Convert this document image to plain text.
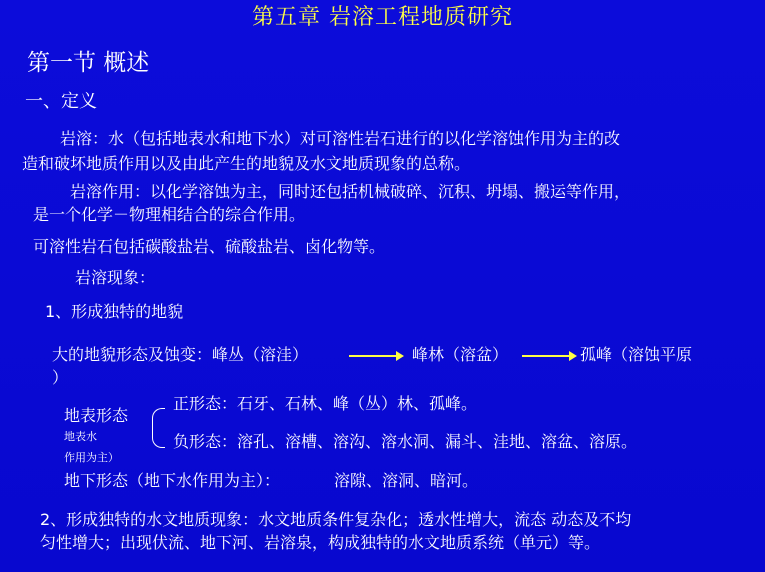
第五章 岩溶工程地质研究
第一节 概述
一、定义
岩溶：水（包括地表水和地下水）对可溶性岩石进行的以化学溶蚀作用为主的改
造和破坏地质作用以及由此产生的地貌及水文地质现象的总称。
岩溶作用：以化学溶蚀为主，同时还包括机械破碎、沉积、坍塌、搬运等作用，
是一个化学－物理相结合的综合作用。
可溶性岩石包括碳酸盐岩、硫酸盐岩、卤化物等。
岩溶现象：
1、形成独特的地貌
大的地貌形态及蚀变：峰丛（溶洼）	峰林（溶盆）	孤峰（溶蚀平原
）
地表形态
地表水
作用为主）
正形态：石牙、石林、峰（丛）林、孤峰。
负形态：溶孔、溶槽、溶沟、溶水洞、漏斗、洼地、溶盆、溶原。
地下形态（地下水作用为主）：	溶隙、溶洞、暗河。
2、形成独特的水文地质现象：水文地质条件复杂化；透水性增大，流态 动态及不均
匀性增大；出现伏流、地下河、岩溶泉，构成独特的水文地质系统（单元）等。
